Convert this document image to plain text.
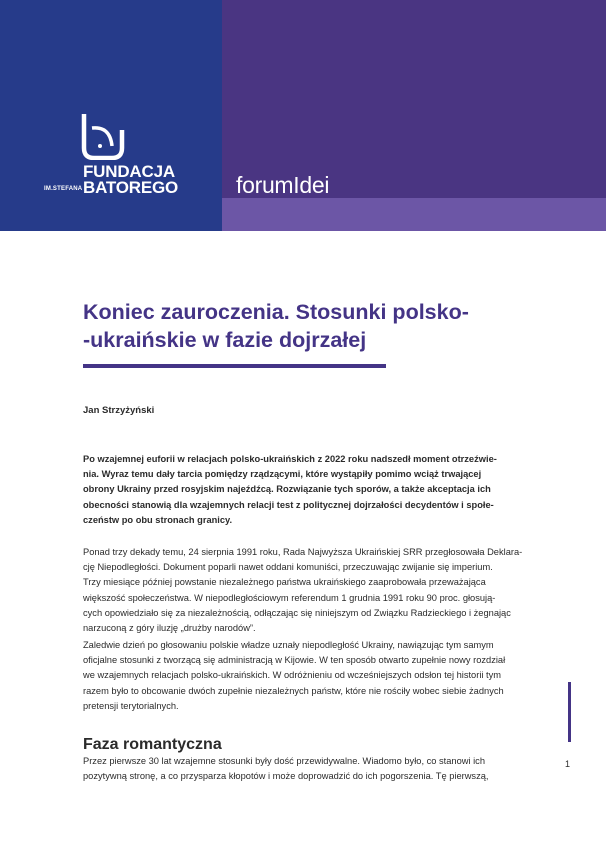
FUNDACJA
IM.STEFANA BATOREGO	forumIdei
Koniec zauroczenia. Stosunki polsko-
-ukraińskie w fazie dojrzałej
Jan Strzyżyński

Po wzajemnej euforii w relacjach polsko-ukraińskich z 2022 roku nadszedł moment otrzeźwie-
nia. Wyraz temu dały tarcia pomiędzy rządzącymi, które wystąpiły pomimo wciąż trwającej
obrony Ukrainy przed rosyjskim najeźdźcą. Rozwiązanie tych sporów, a także akceptacja ich
obecności stanowią dla wzajemnych relacji test z politycznej dojrzałości decydentów i społe-
czeństw po obu stronach granicy.

Ponad trzy dekady temu, 24 sierpnia 1991 roku, Rada Najwyższa Ukraińskiej SRR przegłosowała Deklara-
cję Niepodległości. Dokument poparli nawet oddani komuniści, przeczuwając zwijanie się imperium.
Trzy miesiące później powstanie niezależnego państwa ukraińskiego zaaprobowała przeważająca
większość społeczeństwa. W niepodległościowym referendum 1 grudnia 1991 roku 90 proc. głosują-
cych opowiedziało się za niezależnością, odłączając się niniejszym od Związku Radzieckiego i żegnając
narzuconą z góry iluzję „drużby narodów”.

Zaledwie dzień po głosowaniu polskie władze uznały niepodległość Ukrainy, nawiązując tym samym
oficjalne stosunki z tworzącą się administracją w Kijowie. W ten sposób otwarto zupełnie nowy rozdział
we wzajemnych relacjach polsko-ukraińskich. W odróżnieniu od wcześniejszych odsłon tej historii tym
razem było to obcowanie dwóch zupełnie niezależnych państw, które nie rościły wobec siebie żadnych
pretensji terytorialnych.

Faza romantyczna

Przez pierwsze 30 lat wzajemne stosunki były dość przewidywalne. Wiadomo było, co stanowi ich
pozytywną stronę, a co przysparza kłopotów i może doprowadzić do ich pogorszenia. Tę pierwszą,

1
